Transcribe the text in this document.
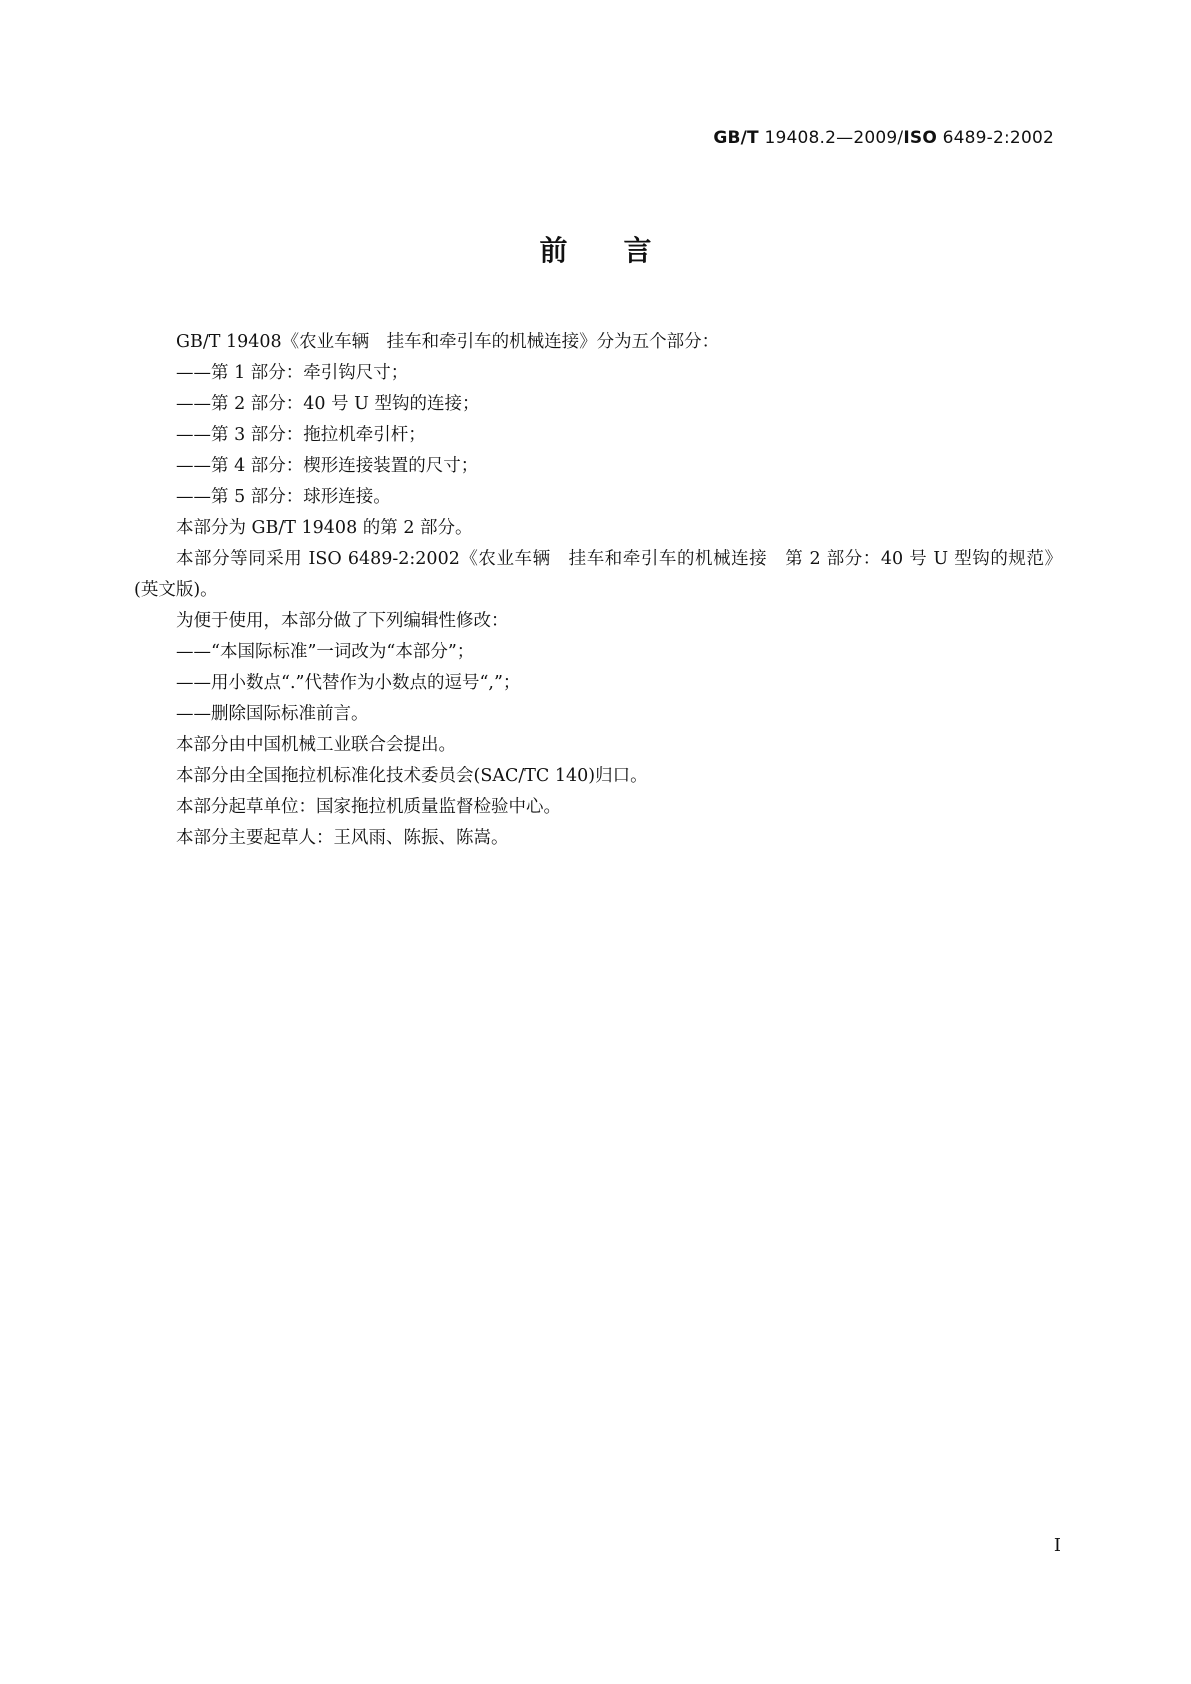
GB/T 19408.2—2009/ISO 6489-2:2002
前言

GB/T 19408《农业车辆　挂车和牵引车的机械连接》分为五个部分：

——第 1 部分：牵引钩尺寸；

——第 2 部分：40 号 U 型钩的连接；

——第 3 部分：拖拉机牵引杆；

——第 4 部分：楔形连接装置的尺寸；

——第 5 部分：球形连接。

本部分为 GB/T 19408 的第 2 部分。

本部分等同采用 ISO 6489-2:2002《农业车辆　挂车和牵引车的机械连接　第 2 部分：40 号 U 型钩的规范》(英文版)。

为便于使用，本部分做了下列编辑性修改：

——“本国际标准”一词改为“本部分”；

——用小数点“.”代替作为小数点的逗号“,”；

——删除国际标准前言。

本部分由中国机械工业联合会提出。

本部分由全国拖拉机标准化技术委员会(SAC/TC 140)归口。

本部分起草单位：国家拖拉机质量监督检验中心。

本部分主要起草人：王风雨、陈振、陈嵩。

I
